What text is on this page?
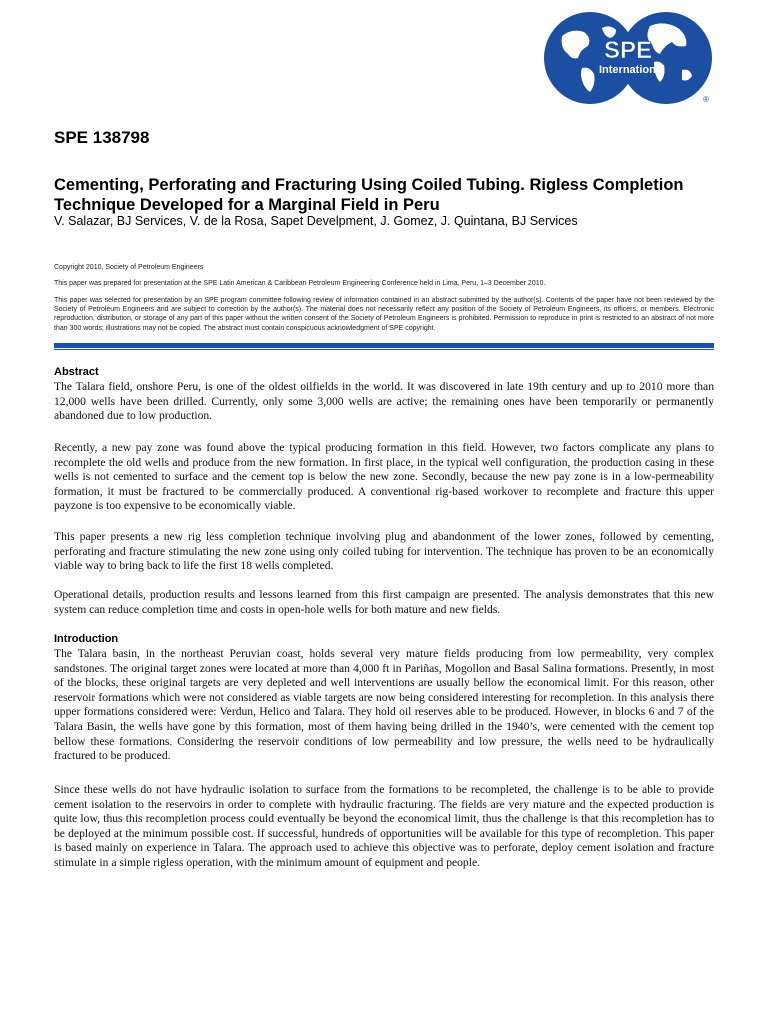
SPE
International
®
SPE 138798
Cementing, Perforating and Fracturing Using Coiled Tubing. Rigless Completion Technique Developed for a Marginal Field in Peru
V. Salazar, BJ Services, V. de la Rosa, Sapet Develpment, J. Gomez, J. Quintana, BJ Services
Copyright 2010, Society of Petroleum Engineers
This paper was prepared for presentation at the SPE Latin American & Caribbean Petroleum Engineering Conference held in Lima, Peru, 1–3 December 2010.
This paper was selected for presentation by an SPE program committee following review of information contained in an abstract submitted by the author(s). Contents of the paper have not been reviewed by the Society of Petroleum Engineers and are subject to correction by the author(s). The material does not necessarily reflect any position of the Society of Petroleum Engineers, its officers, or members. Electronic reproduction, distribution, or storage of any part of this paper without the written consent of the Society of Petroleum Engineers is prohibited. Permission to reproduce in print is restricted to an abstract of not more than 300 words; illustrations may not be copied. The abstract must contain conspicuous acknowledgment of SPE copyright.
Abstract
The Talara field, onshore Peru, is one of the oldest oilfields in the world. It was discovered in late 19th century and up to 2010 more than 12,000 wells have been drilled. Currently, only some 3,000 wells are active; the remaining ones have been temporarily or permanently abandoned due to low production.
Recently, a new pay zone was found above the typical producing formation in this field. However, two factors complicate any plans to recomplete the old wells and produce from the new formation. In first place, in the typical well configuration, the production casing in these wells is not cemented to surface and the cement top is below the new zone. Secondly, because the new pay zone is in a low-permeability formation, it must be fractured to be commercially produced. A conventional rig-based workover to recomplete and fracture this upper payzone is too expensive to be economically viable.
This paper presents a new rig less completion technique involving plug and abandonment of the lower zones, followed by cementing, perforating and fracture stimulating the new zone using only coiled tubing for intervention. The technique has proven to be an economically viable way to bring back to life the first 18 wells completed.
Operational details, production results and lessons learned from this first campaign are presented. The analysis demonstrates that this new system can reduce completion time and costs in open-hole wells for both mature and new fields.
Introduction
The Talara basin, in the northeast Peruvian coast, holds several very mature fields producing from low permeability, very complex sandstones. The original target zones were located at more than 4,000 ft in Pariñas, Mogollon and Basal Salina formations. Presently, in most of the blocks, these original targets are very depleted and well interventions are usually bellow the economical limit. For this reason, other reservoir formations which were not considered as viable targets are now being considered interesting for recompletion. In this analysis there upper formations considered were: Verdun, Helico and Talara. They hold oil reserves able to be produced. However, in blocks 6 and 7 of the Talara Basin, the wells have gone by this formation, most of them having being drilled in the 1940’s, were cemented with the cement top bellow these formations. Considering the reservoir conditions of low permeability and low pressure, the wells need to be hydraulically fractured to be produced.
Since these wells do not have hydraulic isolation to surface from the formations to be recompleted, the challenge is to be able to provide cement isolation to the reservoirs in order to complete with hydraulic fracturing. The fields are very mature and the expected production is quite low, thus this recompletion process could eventually be beyond the economical limit, thus the challenge is that this recompletion has to be deployed at the minimum possible cost. If successful, hundreds of opportunities will be available for this type of recompletion. This paper is based mainly on experience in Talara. The approach used to achieve this objective was to perforate, deploy cement isolation and fracture stimulate in a simple rigless operation, with the minimum amount of equipment and people.
